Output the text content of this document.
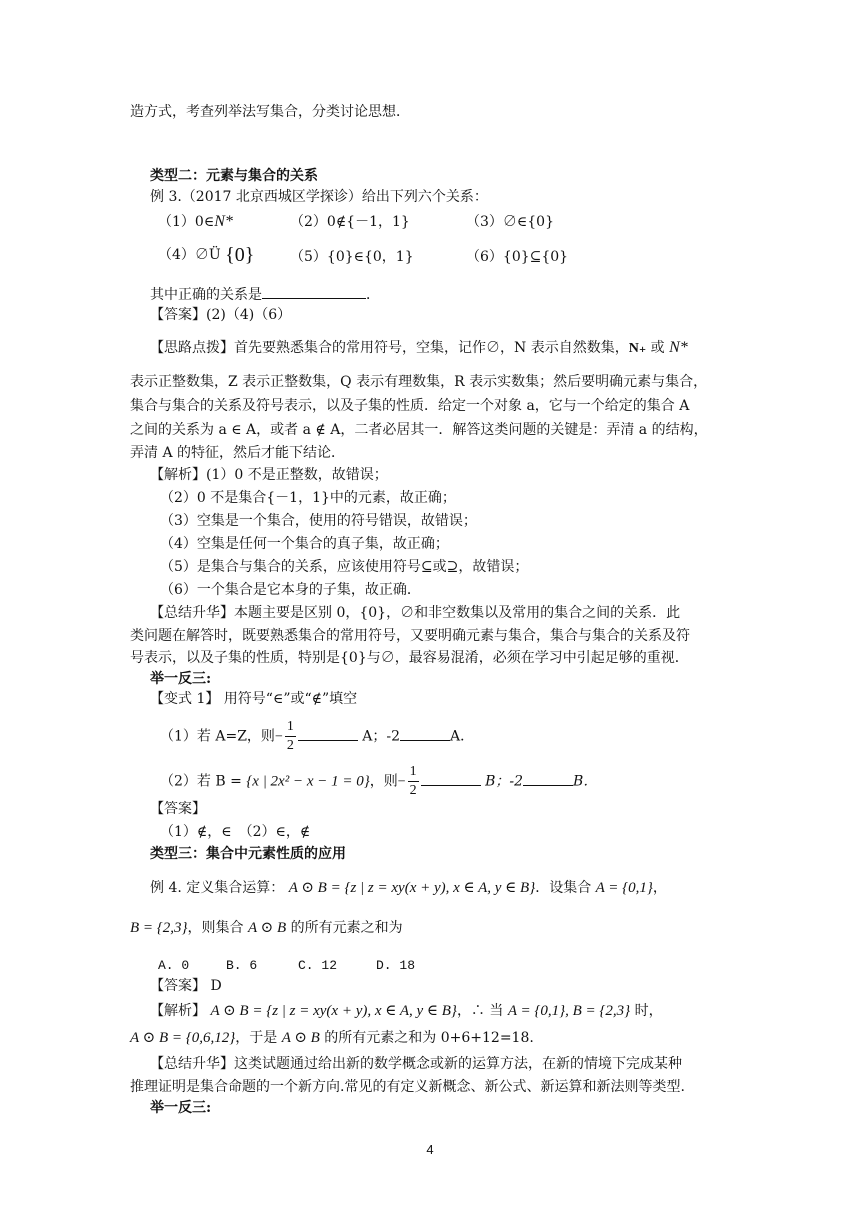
造方式，考查列举法写集合，分类讨论思想．
类型二：元素与集合的关系
例 3.（2017 北京西城区学探诊）给出下列六个关系：
（1）0∈N*	（2）0∉{－1，1}	（3）∅∈{0}
（4）∅Ü {0}	（5）{0}∈{0，1}	（6）{0}⊆{0}
其中正确的关系是	．
【答案】(2)（4)（6）
【思路点拨】首先要熟悉集合的常用符号，空集，记作∅，N 表示自然数集，N₊ 或 N*
表示正整数集，Z 表示正整数集，Q 表示有理数集，R 表示实数集；然后要明确元素与集合，
集合与集合的关系及符号表示，以及子集的性质．给定一个对象 a，它与一个给定的集合 A
之间的关系为 a ∈ A，或者 a ∉ A，二者必居其一．解答这类问题的关键是：弄清 a 的结构，
弄清 A 的特征，然后才能下结论．
【解析】(1）0 不是正整数，故错误；
（2）0 不是集合{－1，1}中的元素，故正确；
（3）空集是一个集合，使用的符号错误，故错误；
（4）空集是任何一个集合的真子集，故正确；
（5）是集合与集合的关系，应该使用符号⊆或⊇，故错误；
（6）一个集合是它本身的子集，故正确．
【总结升华】本题主要是区别 0，{0}，∅和非空数集以及常用的集合之间的关系．此
类问题在解答时，既要熟悉集合的常用符号，又要明确元素与集合，集合与集合的关系及符
号表示，以及子集的性质，特别是{0}与∅，最容易混淆，必须在学习中引起足够的重视．
举一反三:
【变式 1】 用符号“∈”或“∉”填空
（1）若 A=Z，则− $\frac{1}{2}$	A；-2	A．
（2）若 B = {x | 2x² − x − 1 = 0}，则− $\frac{1}{2}$	B；-2	B．
【答案】
（1）∉，∈　（2）∈，∉
类型三：集合中元素性质的应用
例 4. 定义集合运算： A ⊙ B = {z | z = xy(x + y), x ∈ A, y ∈ B}．设集合 A = {0,1}，
B = {2,3}，则集合 A ⊙ B 的所有元素之和为
A. 0	B. 6	C. 12	D. 18
【答案】 D
【解析】 A ⊙ B = {z | z = xy(x + y), x ∈ A, y ∈ B}，∴ 当 A = {0,1}, B = {2,3} 时，
A ⊙ B = {0,6,12}，于是 A ⊙ B 的所有元素之和为 0+6+12=18.
【总结升华】这类试题通过给出新的数学概念或新的运算方法，在新的情境下完成某种
推理证明是集合命题的一个新方向.常见的有定义新概念、新公式、新运算和新法则等类型.
举一反三:
4
